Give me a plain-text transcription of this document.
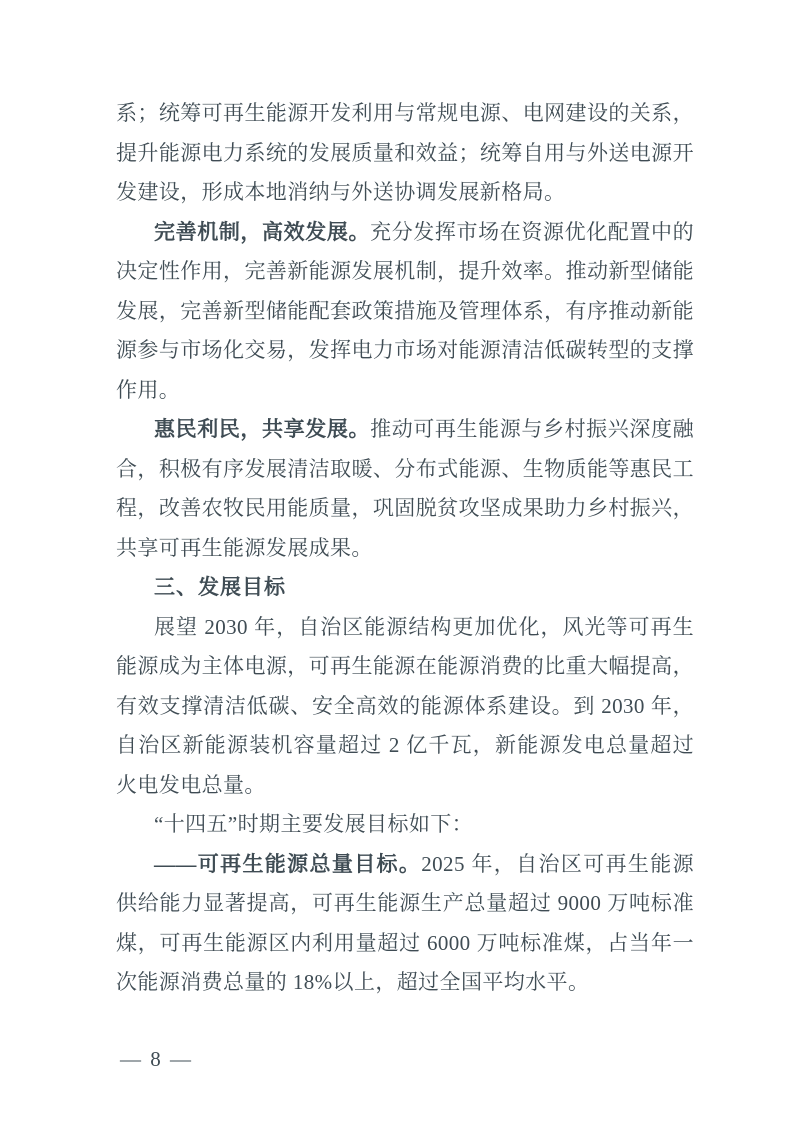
系；统筹可再生能源开发利用与常规电源、电网建设的关系，提升能源电力系统的发展质量和效益；统筹自用与外送电源开发建设，形成本地消纳与外送协调发展新格局。

完善机制，高效发展。充分发挥市场在资源优化配置中的决定性作用，完善新能源发展机制，提升效率。推动新型储能发展，完善新型储能配套政策措施及管理体系，有序推动新能源参与市场化交易，发挥电力市场对能源清洁低碳转型的支撑作用。

惠民利民，共享发展。推动可再生能源与乡村振兴深度融合，积极有序发展清洁取暖、分布式能源、生物质能等惠民工程，改善农牧民用能质量，巩固脱贫攻坚成果助力乡村振兴，共享可再生能源发展成果。

三、发展目标

展望 2030 年，自治区能源结构更加优化，风光等可再生能源成为主体电源，可再生能源在能源消费的比重大幅提高，有效支撑清洁低碳、安全高效的能源体系建设。到 2030 年，自治区新能源装机容量超过 2 亿千瓦，新能源发电总量超过火电发电总量。

“十四五”时期主要发展目标如下：

——可再生能源总量目标。2025 年，自治区可再生能源供给能力显著提高，可再生能源生产总量超过 9000 万吨标准煤，可再生能源区内利用量超过 6000 万吨标准煤，占当年一次能源消费总量的 18%以上，超过全国平均水平。

— 8 —
